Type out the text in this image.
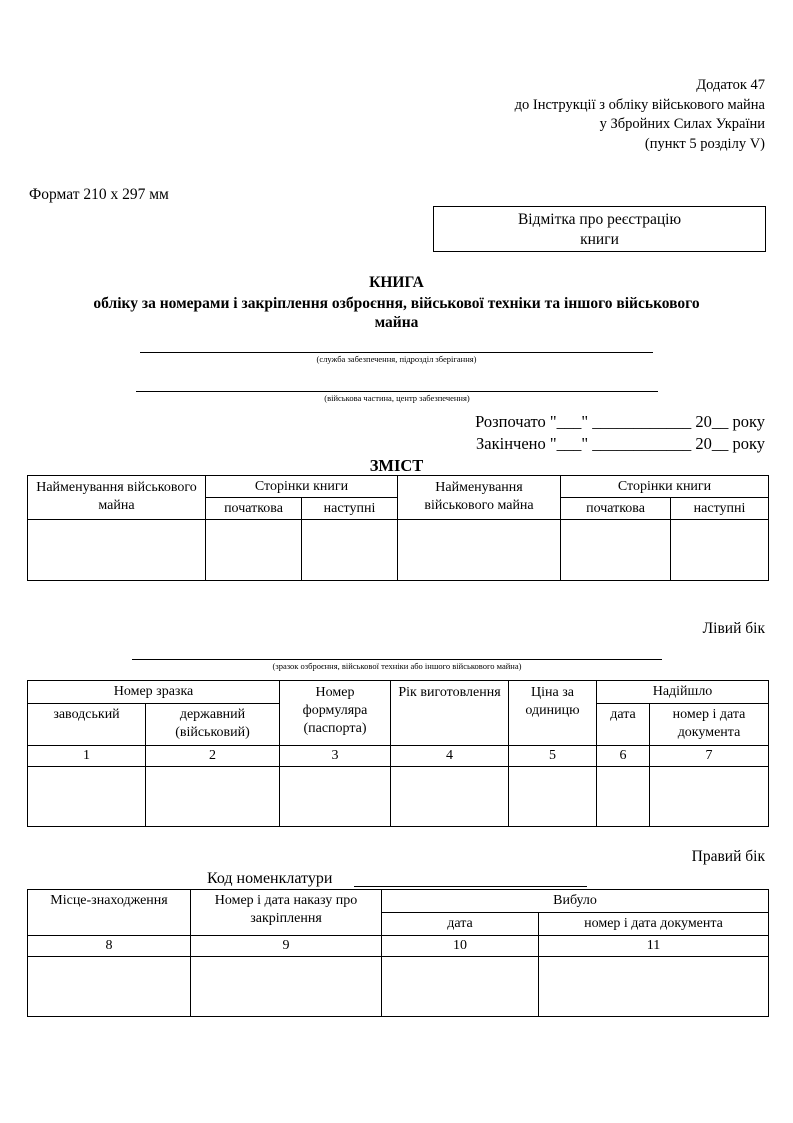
Додаток 47
до Інструкції з обліку військового майна
у Збройних Силах України
(пункт 5 розділу V)
Формат 210 х 297 мм
Відмітка про реєстрацію
книги
КНИГА
обліку за номерами і закріплення озброєння, військової техніки та іншого військового
майна
(служба забезпечення, підрозділ зберігання)
(військова частина, центр забезпечення)
Розпочато "___" ____________ 20__ року
Закінчено "___" ____________ 20__ року
ЗМІСТ
Найменування військового майна	Сторінки книги		Найменування військового майна	Сторінки книги	
	початкова	наступні		початкова	наступні

Лівий бік
(зразок озброєння, військової техніки або іншого військового майна)
Номер зразка		Номер формуляра (паспорта)	Рік виготовлення	Ціна за одиницю	Надійшло	
заводський	державний (військовий)				дата	номер і дата документа
1	2	3	4	5	6	7

Правий бік
Код номенклатури
Місце-знаходження	Номер і дата наказу про закріплення	Вибуло	
		дата	номер і дата документа
8	9	10	11
